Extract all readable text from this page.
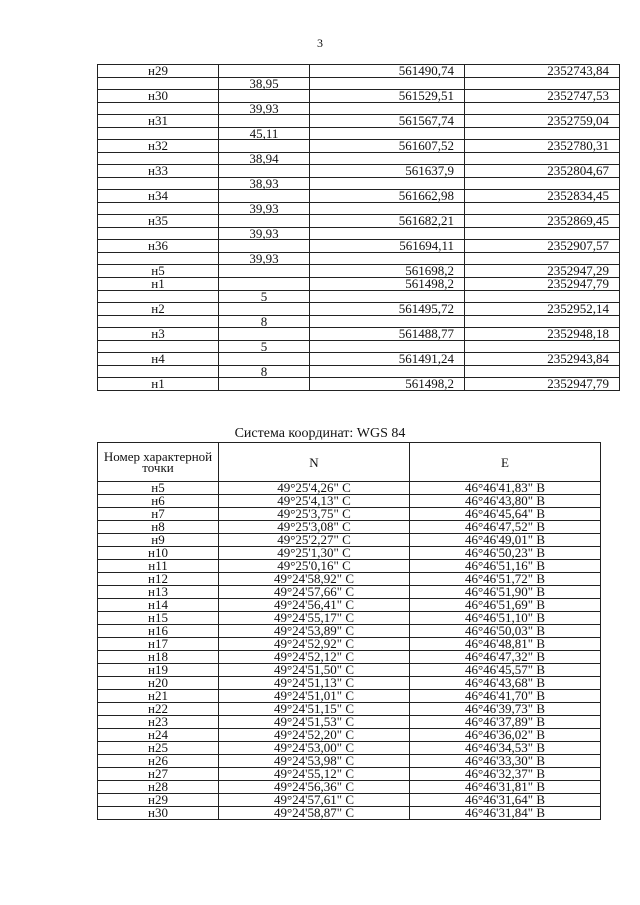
3
н29		561490,74	2352743,84
	38,95		
н30		561529,51	2352747,53
	39,93		
н31		561567,74	2352759,04
	45,11		
н32		561607,52	2352780,31
	38,94		
н33		561637,9	2352804,67
	38,93		
н34		561662,98	2352834,45
	39,93		
н35		561682,21	2352869,45
	39,93		
н36		561694,11	2352907,57
	39,93		
н5		561698,2	2352947,29
н1		561498,2	2352947,79
	5		
н2		561495,72	2352952,14
	8		
н3		561488,77	2352948,18
	5		
н4		561491,24	2352943,84
	8		
н1		561498,2	2352947,79
Система координат: WGS 84
Номер характерной точки	N	E
н5	49°25'4,26" С	46°46'41,83" В
н6	49°25'4,13" С	46°46'43,80" В
н7	49°25'3,75" С	46°46'45,64" В
н8	49°25'3,08" С	46°46'47,52" В
н9	49°25'2,27" С	46°46'49,01" В
н10	49°25'1,30" С	46°46'50,23" В
н11	49°25'0,16" С	46°46'51,16" В
н12	49°24'58,92" С	46°46'51,72" В
н13	49°24'57,66" С	46°46'51,90" В
н14	49°24'56,41" С	46°46'51,69" В
н15	49°24'55,17" С	46°46'51,10" В
н16	49°24'53,89" С	46°46'50,03" В
н17	49°24'52,92" С	46°46'48,81" В
н18	49°24'52,12" С	46°46'47,32" В
н19	49°24'51,50" С	46°46'45,57" В
н20	49°24'51,13" С	46°46'43,68" В
н21	49°24'51,01" С	46°46'41,70" В
н22	49°24'51,15" С	46°46'39,73" В
н23	49°24'51,53" С	46°46'37,89" В
н24	49°24'52,20" С	46°46'36,02" В
н25	49°24'53,00" С	46°46'34,53" В
н26	49°24'53,98" С	46°46'33,30" В
н27	49°24'55,12" С	46°46'32,37" В
н28	49°24'56,36" С	46°46'31,81" В
н29	49°24'57,61" С	46°46'31,64" В
н30	49°24'58,87" С	46°46'31,84" В
